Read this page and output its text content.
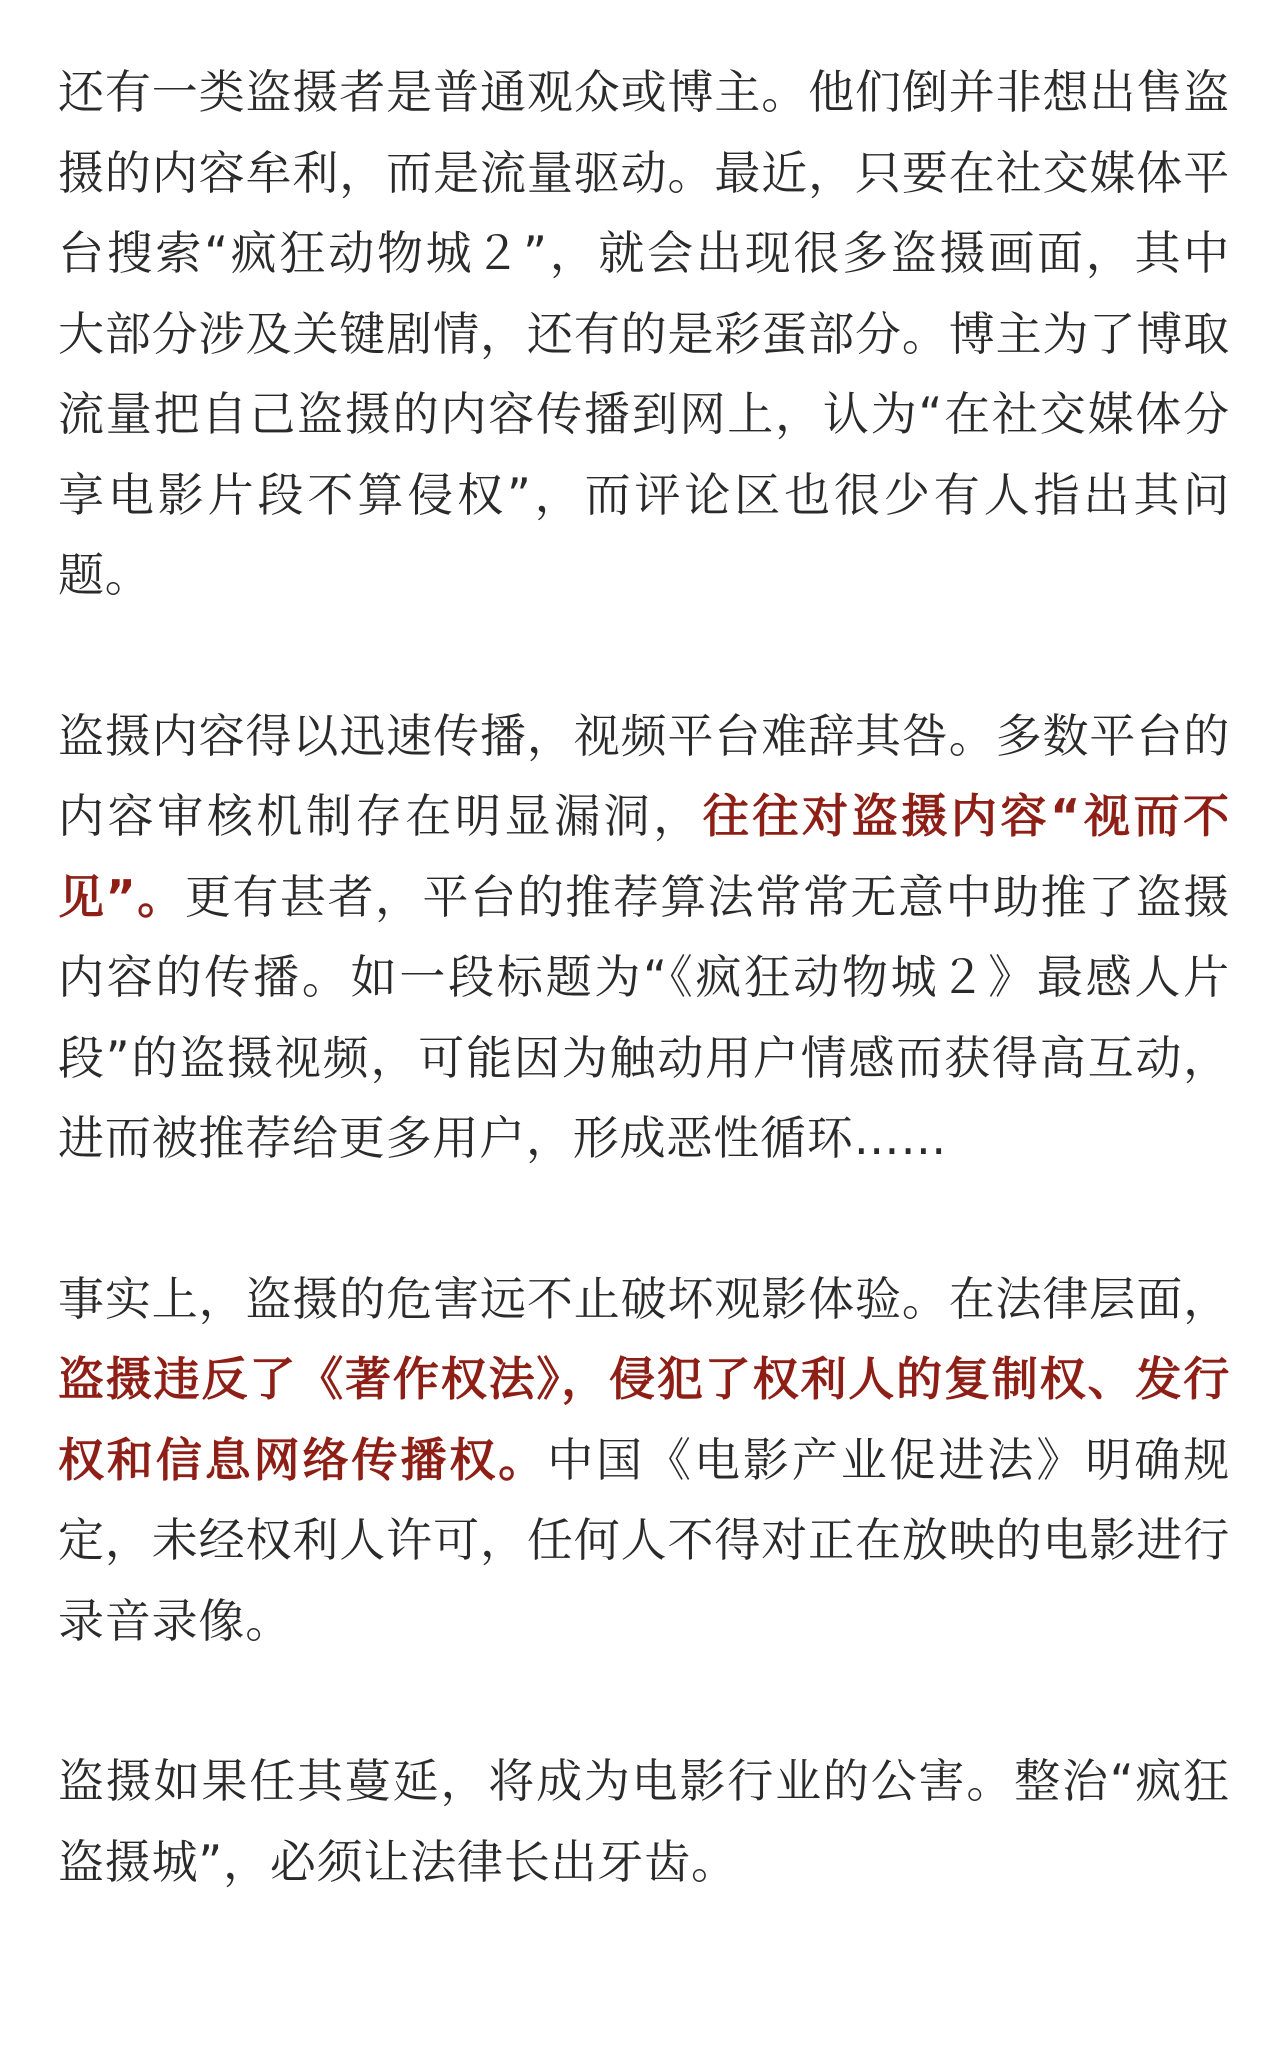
还有一类盗摄者是普通观众或博主。他们倒并非想出售盗摄的内容牟利，而是流量驱动。最近，只要在社交媒体平台搜索“疯狂动物城２”，就会出现很多盗摄画面，其中大部分涉及关键剧情，还有的是彩蛋部分。博主为了博取流量把自己盗摄的内容传播到网上，认为“在社交媒体分享电影片段不算侵权”，而评论区也很少有人指出其问题。

盗摄内容得以迅速传播，视频平台难辞其咎。多数平台的内容审核机制存在明显漏洞，往往对盗摄内容“视而不见”。更有甚者，平台的推荐算法常常无意中助推了盗摄内容的传播。如一段标题为“《疯狂动物城２》最感人片段”的盗摄视频，可能因为触动用户情感而获得高互动，进而被推荐给更多用户，形成恶性循环……

事实上，盗摄的危害远不止破坏观影体验。在法律层面，盗摄违反了《著作权法》，侵犯了权利人的复制权、发行权和信息网络传播权。中国《电影产业促进法》明确规定，未经权利人许可，任何人不得对正在放映的电影进行录音录像。

盗摄如果任其蔓延，将成为电影行业的公害。整治“疯狂盗摄城”，必须让法律长出牙齿。
